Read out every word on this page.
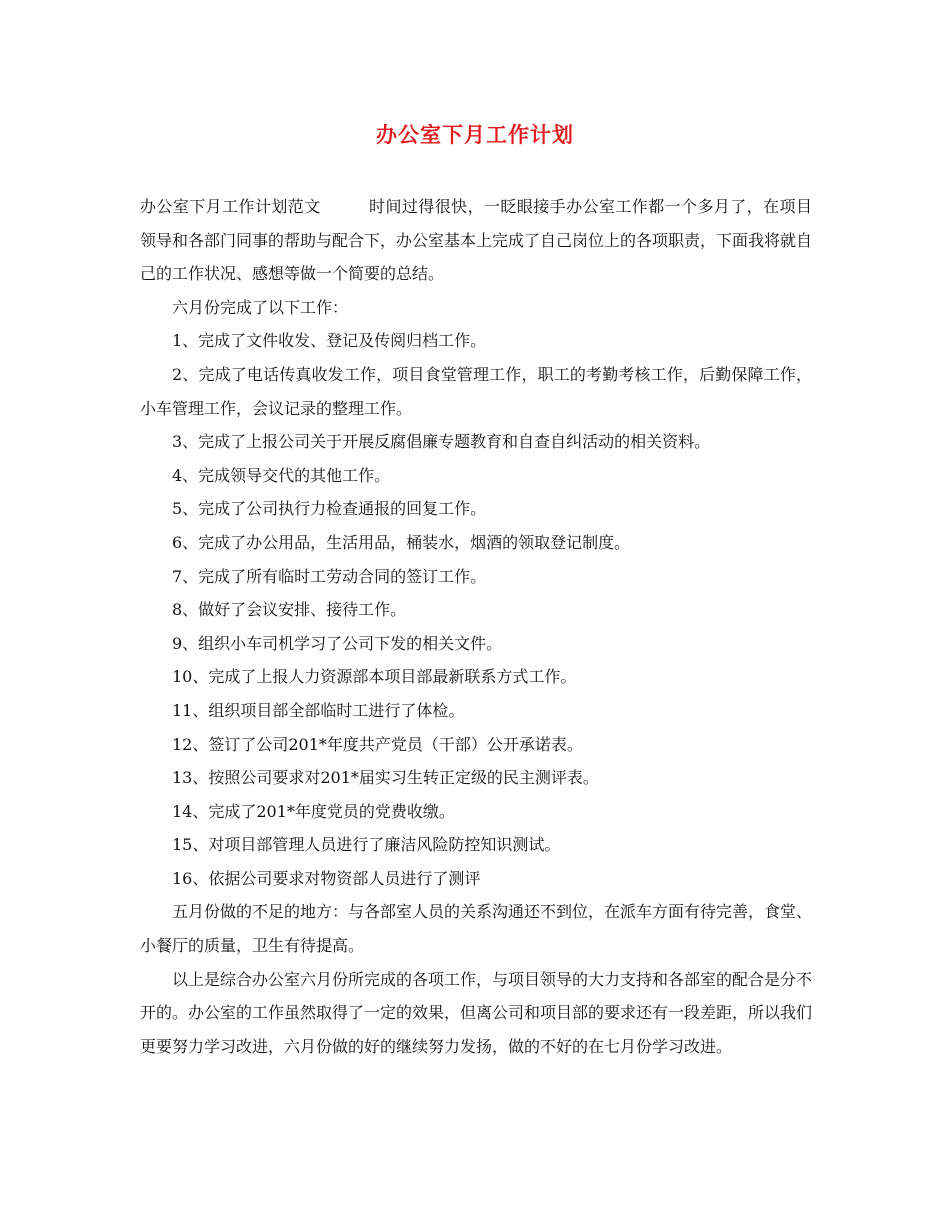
办公室下月工作计划

办公室下月工作计划范文	时间过得很快，一眨眼接手办公室工作都一个多月了，在项目领导和各部门同事的帮助与配合下，办公室基本上完成了自己岗位上的各项职责，下面我将就自己的工作状况、感想等做一个简要的总结。

六月份完成了以下工作：

1、完成了文件收发、登记及传阅归档工作。

2、完成了电话传真收发工作，项目食堂管理工作，职工的考勤考核工作，后勤保障工作，小车管理工作，会议记录的整理工作。

3、完成了上报公司关于开展反腐倡廉专题教育和自查自纠活动的相关资料。

4、完成领导交代的其他工作。

5、完成了公司执行力检查通报的回复工作。

6、完成了办公用品，生活用品，桶装水，烟酒的领取登记制度。

7、完成了所有临时工劳动合同的签订工作。

8、做好了会议安排、接待工作。

9、组织小车司机学习了公司下发的相关文件。

10、完成了上报人力资源部本项目部最新联系方式工作。

11、组织项目部全部临时工进行了体检。

12、签订了公司201*年度共产党员（干部）公开承诺表。

13、按照公司要求对201*届实习生转正定级的民主测评表。

14、完成了201*年度党员的党费收缴。

15、对项目部管理人员进行了廉洁风险防控知识测试。

16、依据公司要求对物资部人员进行了测评

五月份做的不足的地方：与各部室人员的关系沟通还不到位，在派车方面有待完善，食堂、小餐厅的质量，卫生有待提高。

以上是综合办公室六月份所完成的各项工作，与项目领导的大力支持和各部室的配合是分不开的。办公室的工作虽然取得了一定的效果，但离公司和项目部的要求还有一段差距，所以我们更要努力学习改进，六月份做的好的继续努力发扬，做的不好的在七月份学习改进。
